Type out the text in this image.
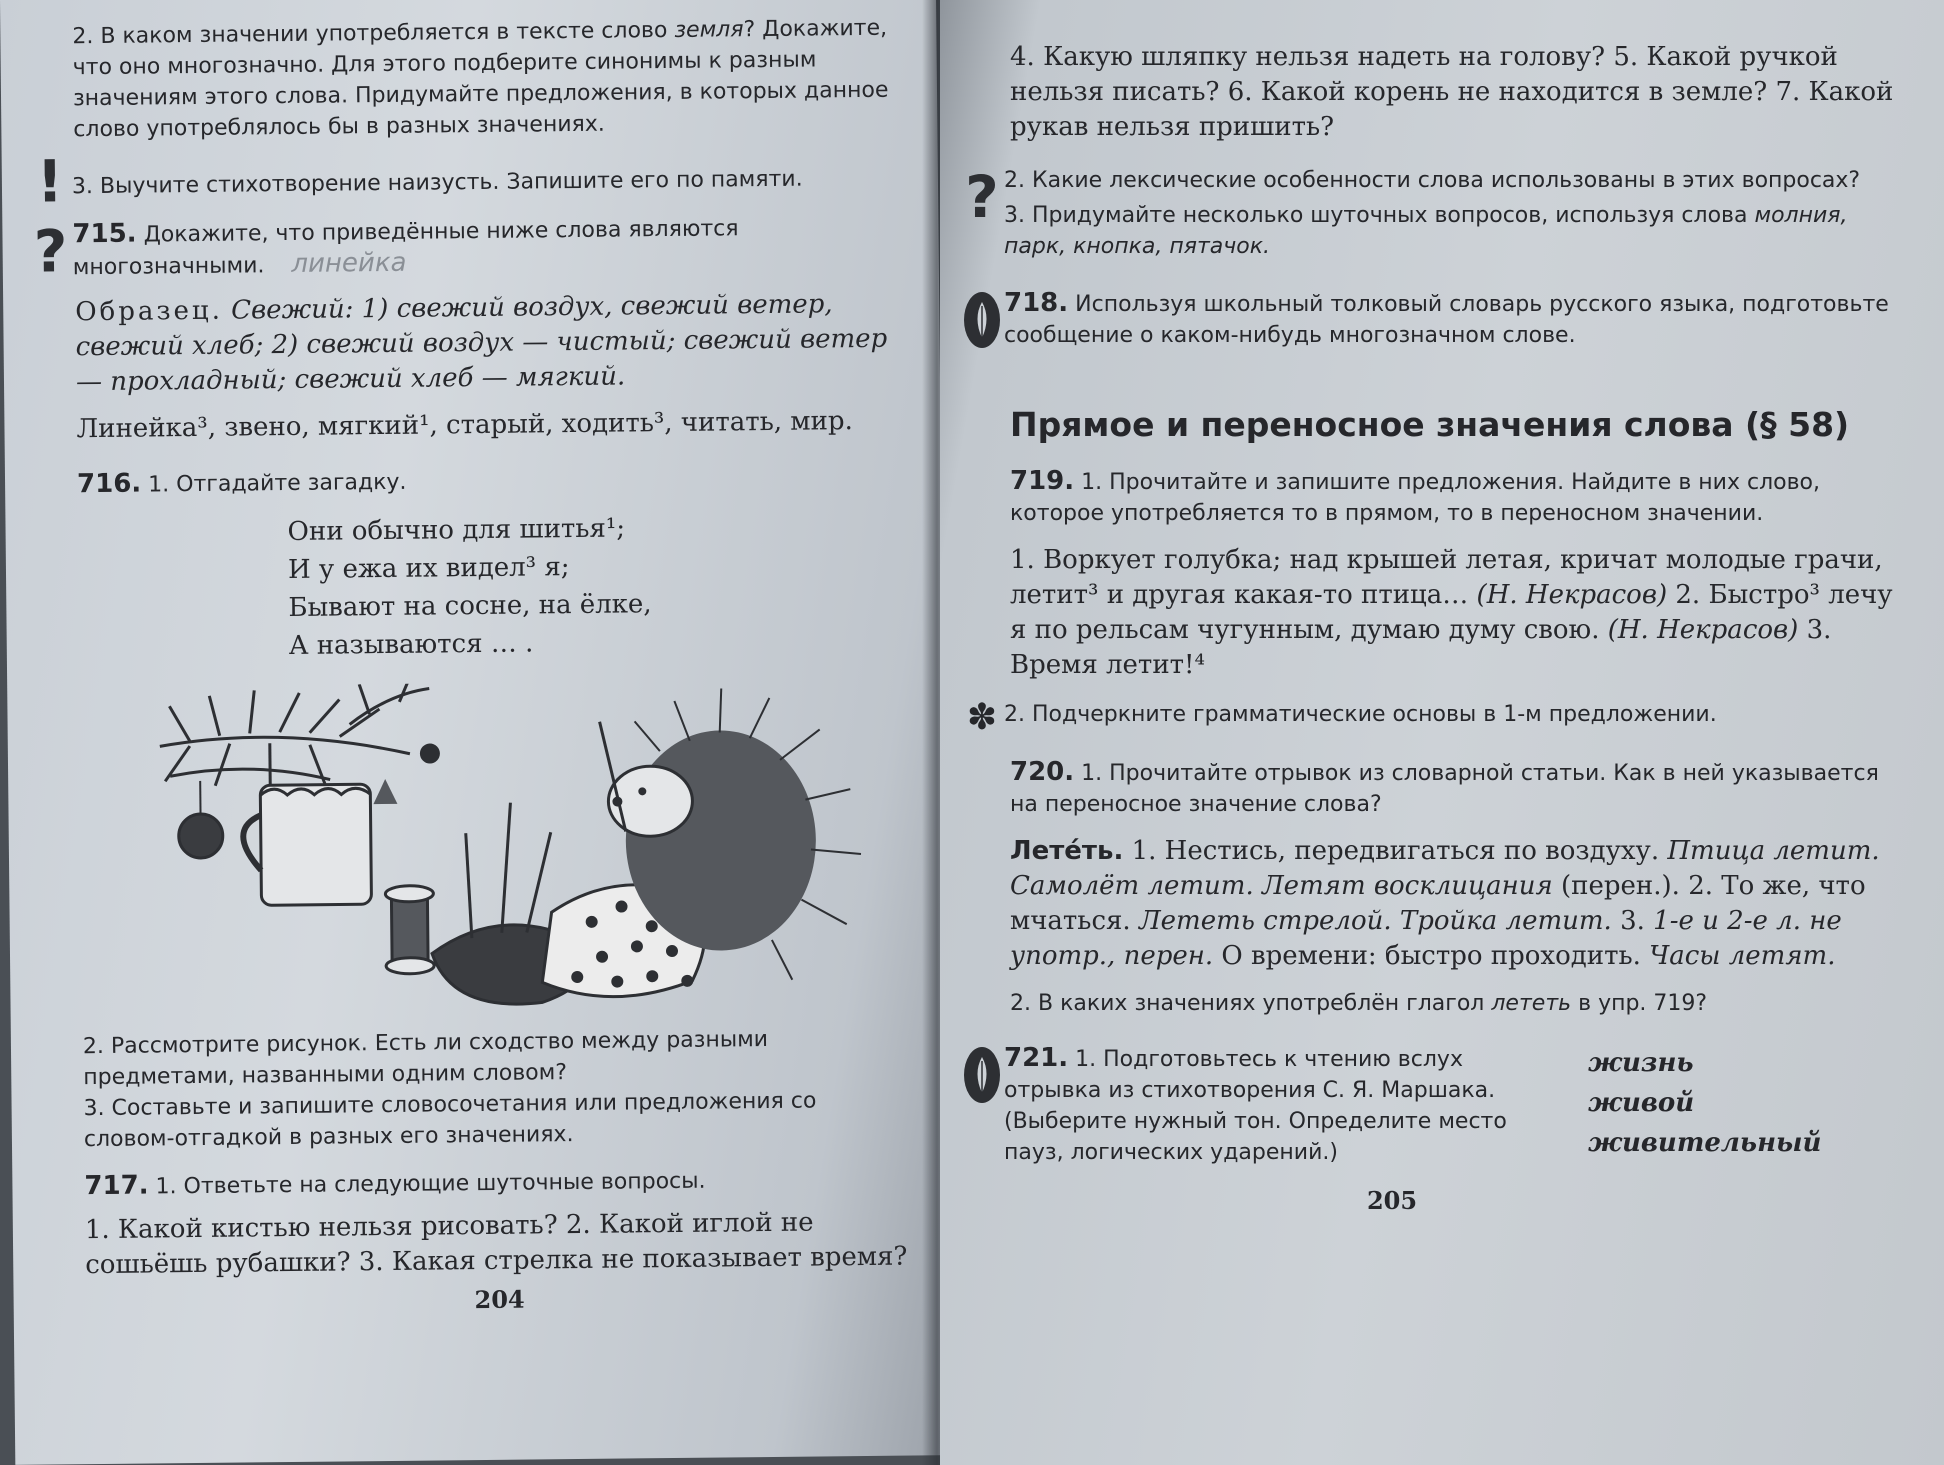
2. В каком значении употребляется в тексте слово земля? Докажите, что оно многозначно. Для этого подберите синонимы к разным значениям этого слова. Придумайте предложения, в которых данное слово употреблялось бы в разных значениях.

! 3. Выучите стихотворение наизусть. Запишите его по памяти.

? 715. Докажите, что приведённые ниже слова являются многозначными. линейка

Образец. Свежий: 1) свежий воздух, свежий ветер, свежий хлеб; 2) свежий воздух — чистый; свежий ветер — прохладный; свежий хлеб — мягкий.

Линейка³, звено, мягкий¹, старый, ходить³, читать, мир.

716. 1. Отгадайте загадку.

Они обычно для шитья¹;

И у ежа их видел³ я;

Бывают на сосне, на ёлке,

А называются … .

2. Рассмотрите рисунок. Есть ли сходство между разными предметами, названными одним словом?

3. Составьте и запишите словосочетания или предложения со словом-отгадкой в разных его значениях.

717. 1. Ответьте на следующие шуточные вопросы.

1. Какой кистью нельзя рисовать? 2. Какой иглой не сошьёшь рубашки? 3. Какая стрелка не показывает время?

204

4. Какую шляпку нельзя надеть на голову? 5. Какой ручкой нельзя писать? 6. Какой корень не находится в земле? 7. Какой рукав нельзя пришить?

? 2. Какие лексические особенности слова использованы в этих вопросах?

3. Придумайте несколько шуточных вопросов, используя слова молния, парк, кнопка, пятачок.

718. Используя школьный толковый словарь русского языка, подготовьте сообщение о каком-нибудь многозначном слове.

Прямое и переносное значения слова (§ 58)

719. 1. Прочитайте и запишите предложения. Найдите в них слово, которое употребляется то в прямом, то в переносном значении.

1. Воркует голубка; над крышей летая, кричат молодые грачи, летит³ и другая какая-то птица… (Н. Некрасов) 2. Быстро³ лечу я по рельсам чугунным, думаю думу свою. (Н. Некрасов) 3. Время летит!⁴

✽ 2. Подчеркните грамматические основы в 1-м предложении.

720. 1. Прочитайте отрывок из словарной статьи. Как в ней указывается на переносное значение слова?

Лете́ть. 1. Нестись, передвигаться по воздуху. Птица летит. Самолёт летит. Летят восклицания (перен.). 2. То же, что мчаться. Лететь стрелой. Тройка летит. 3. 1-е и 2-е л. не употр., перен. О времени: быстро проходить. Часы летят.

2. В каких значениях употреблён глагол лететь в упр. 719?

721. 1. Подготовьтесь к чтению вслух отрывка из стихотворения С. Я. Маршака. (Выберите нужный тон. Определите место пауз, логических ударений.)

жизнь

живой

живительный

205
